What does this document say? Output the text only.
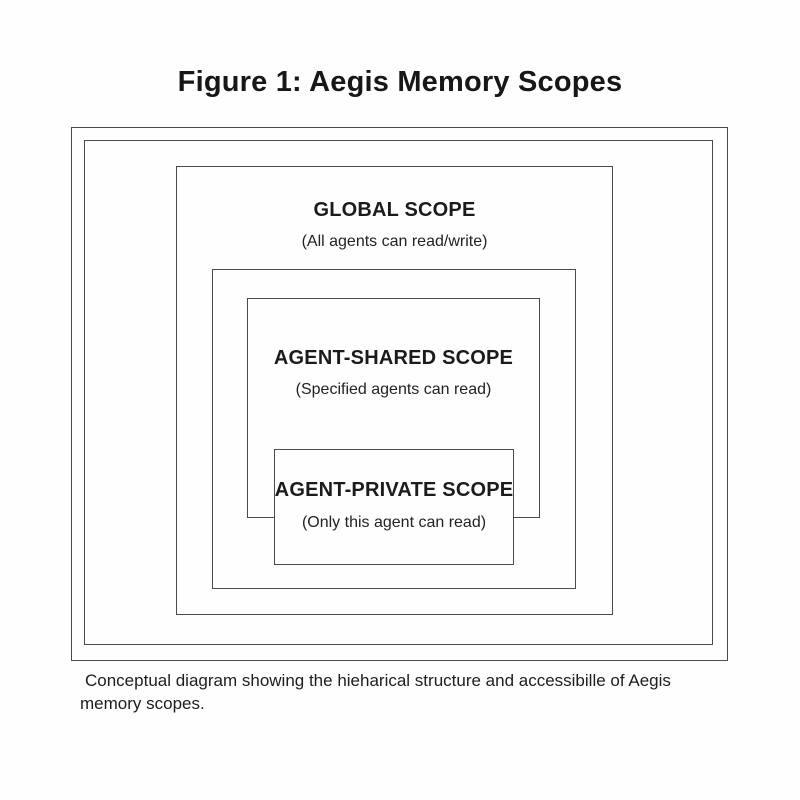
Figure 1: Aegis Memory Scopes
GLOBAL SCOPE
(All agents can read/write)
AGENT-SHARED SCOPE
(Specified agents can read)
AGENT-PRIVATE SCOPE
(Only this agent can read)
Conceptual diagram showing the hieharical structure and accessibille of Aegis
memory scopes.
